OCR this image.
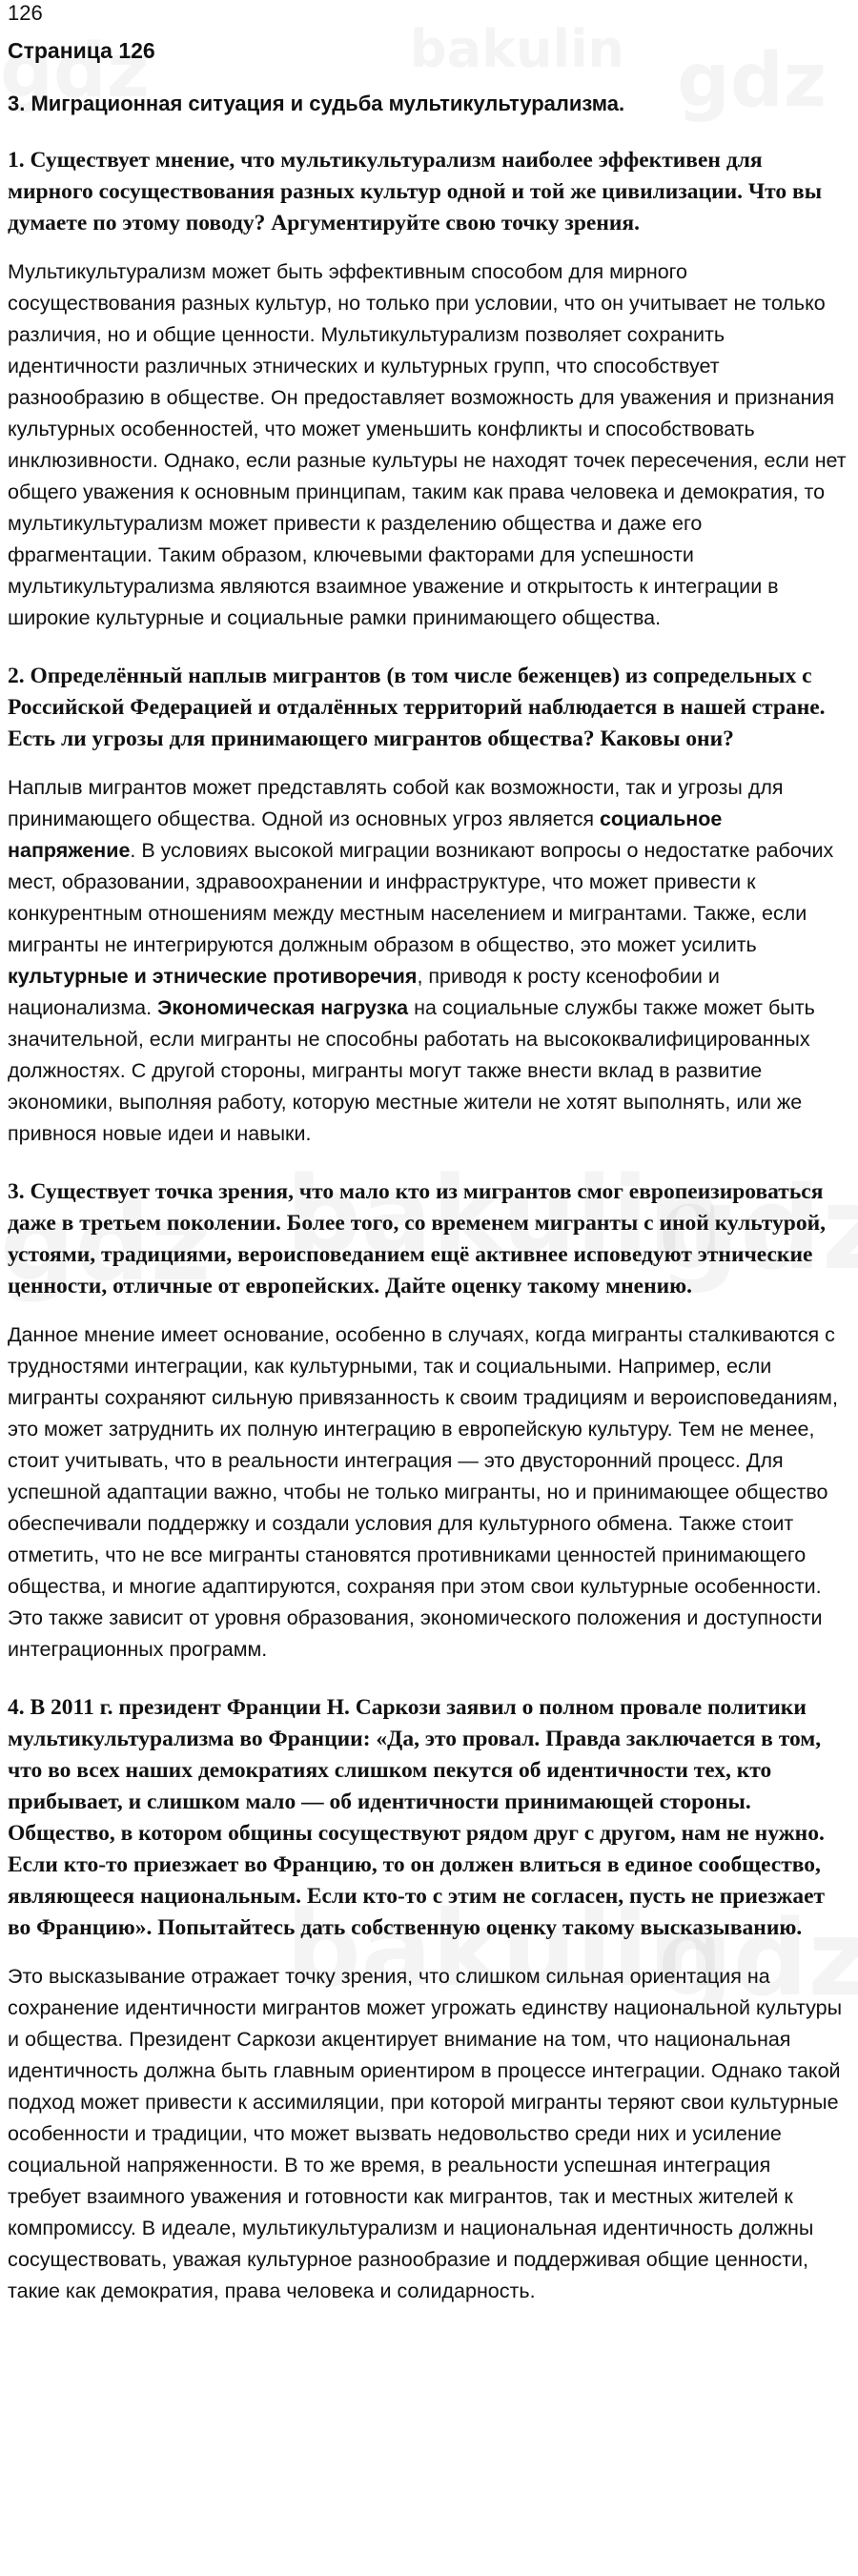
126
Страница 126
3. Миграционная ситуация и судьба мультикультурализма.
1. Существует мнение, что мультикультурализм наиболее эффективен для мирного сосуществования разных культур одной и той же цивилизации. Что вы думаете по этому поводу? Аргументируйте свою точку зрения.
Мультикультурализм может быть эффективным способом для мирного сосуществования разных культур, но только при условии, что он учитывает не только различия, но и общие ценности. Мультикультурализм позволяет сохранить идентичности различных этнических и культурных групп, что способствует разнообразию в обществе. Он предоставляет возможность для уважения и признания культурных особенностей, что может уменьшить конфликты и способствовать инклюзивности. Однако, если разные культуры не находят точек пересечения, если нет общего уважения к основным принципам, таким как права человека и демократия, то мультикультурализм может привести к разделению общества и даже его фрагментации. Таким образом, ключевыми факторами для успешности мультикультурализма являются взаимное уважение и открытость к интеграции в широкие культурные и социальные рамки принимающего общества.
2. Определённый наплыв мигрантов (в том числе беженцев) из сопредельных с Российской Федерацией и отдалённых территорий наблюдается в нашей стране. Есть ли угрозы для принимающего мигрантов общества? Каковы они?
Наплыв мигрантов может представлять собой как возможности, так и угрозы для принимающего общества. Одной из основных угроз является социальное напряжение. В условиях высокой миграции возникают вопросы о недостатке рабочих мест, образовании, здравоохранении и инфраструктуре, что может привести к конкурентным отношениям между местным населением и мигрантами. Также, если мигранты не интегрируются должным образом в общество, это может усилить культурные и этнические противоречия, приводя к росту ксенофобии и национализма. Экономическая нагрузка на социальные службы также может быть значительной, если мигранты не способны работать на высококвалифицированных должностях. С другой стороны, мигранты могут также внести вклад в развитие экономики, выполняя работу, которую местные жители не хотят выполнять, или же привнося новые идеи и навыки.
3. Существует точка зрения, что мало кто из мигрантов смог европеизироваться даже в третьем поколении. Более того, со временем мигранты с иной культурой, устоями, традициями, вероисповеданием ещё активнее исповедуют этнические ценности, отличные от европейских. Дайте оценку такому мнению.
Данное мнение имеет основание, особенно в случаях, когда мигранты сталкиваются с трудностями интеграции, как культурными, так и социальными. Например, если мигранты сохраняют сильную привязанность к своим традициям и вероисповеданиям, это может затруднить их полную интеграцию в европейскую культуру. Тем не менее, стоит учитывать, что в реальности интеграция — это двусторонний процесс. Для успешной адаптации важно, чтобы не только мигранты, но и принимающее общество обеспечивали поддержку и создали условия для культурного обмена. Также стоит отметить, что не все мигранты становятся противниками ценностей принимающего общества, и многие адаптируются, сохраняя при этом свои культурные особенности. Это также зависит от уровня образования, экономического положения и доступности интеграционных программ.
4. В 2011 г. президент Франции Н. Саркози заявил о полном провале политики мультикультурализма во Франции: «Да, это провал. Правда заключается в том, что во всех наших демократиях слишком пекутся об идентичности тех, кто прибывает, и слишком мало — об идентичности принимающей стороны. Общество, в котором общины сосуществуют рядом друг с другом, нам не нужно. Если кто-то приезжает во Францию, то он должен влиться в единое сообщество, являющееся национальным. Если кто-то с этим не согласен, пусть не приезжает во Францию». Попытайтесь дать собственную оценку такому высказыванию.
Это высказывание отражает точку зрения, что слишком сильная ориентация на сохранение идентичности мигрантов может угрожать единству национальной культуры и общества. Президент Саркози акцентирует внимание на том, что национальная идентичность должна быть главным ориентиром в процессе интеграции. Однако такой подход может привести к ассимиляции, при которой мигранты теряют свои культурные особенности и традиции, что может вызвать недовольство среди них и усиление социальной напряженности. В то же время, в реальности успешная интеграция требует взаимного уважения и готовности как мигрантов, так и местных жителей к компромиссу. В идеале, мультикультурализм и национальная идентичность должны сосуществовать, уважая культурное разнообразие и поддерживая общие ценности, такие как демократия, права человека и солидарность.
